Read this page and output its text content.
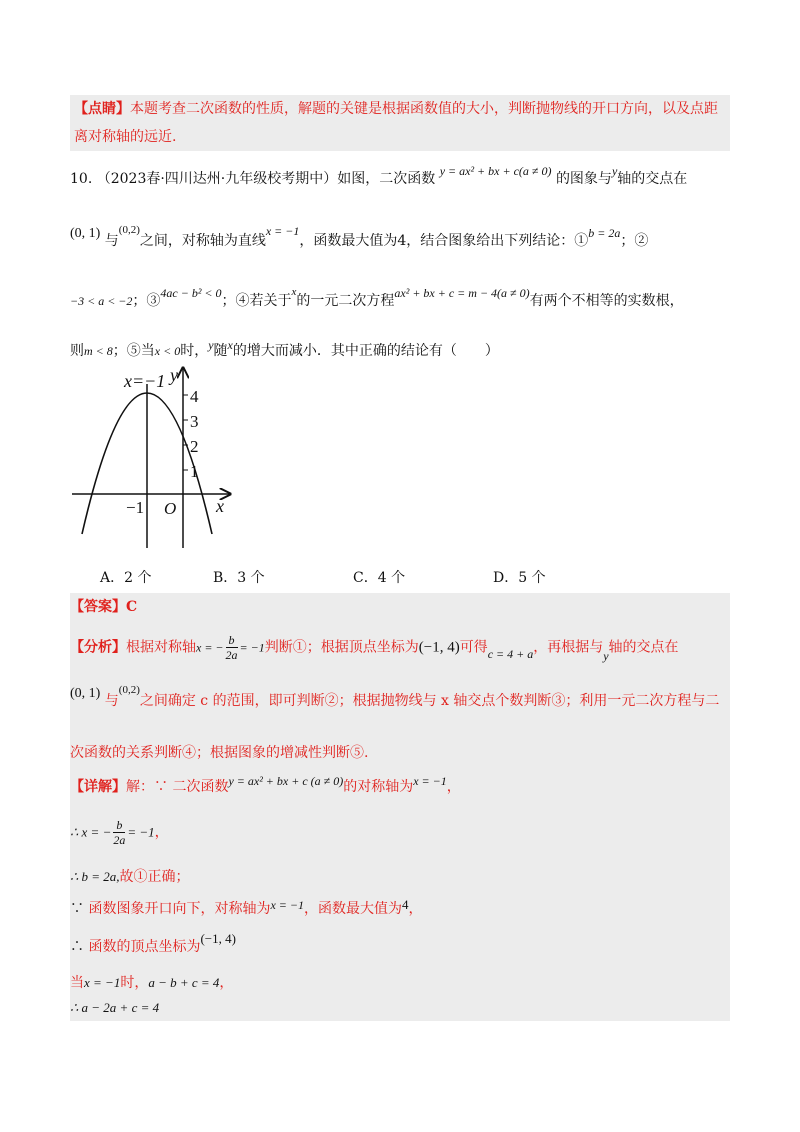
【点睛】本题考查二次函数的性质，解题的关键是根据函数值的大小，判断抛物线的开口方向，以及点距
离对称轴的远近.
10. （2023春·四川达州·九年级校考期中）如图，二次函数 y = ax² + bx + c(a ≠ 0) 的图象与y轴的交点在
(0, 1) 与$^{(0,2)}$之间，对称轴为直线x = −1，函数最大值为4，结合图象给出下列结论：①b = 2a；②
−3 < a < −2；③4ac − b² < 0；④若关于$^x$的一元二次方程ax² + bx + c = m − 4(a ≠ 0)有两个不相等的实数根，
则m < 8；⑤当x < 0时，y随x的增大而减小．其中正确的结论有（　　）
x=−1 y
x
O
4
3
2
1
−1
A．2 个	B．3 个	C．4 个	D．5 个
【答案】C
【分析】根据对称轴x = − $\frac{b}{2a} = -1$判断①；根据顶点坐标为(−1, 4)可得c = 4 + a，再根据与y轴的交点在
(0, 1) 与$^{(0,2)}$之间确定 c 的范围，即可判断②；根据抛物线与 x 轴交点个数判断③；利用一元二次方程与二
次函数的关系判断④；根据图象的增减性判断⑤.
【详解】解：∵ 二次函数y = ax² + bx + c (a ≠ 0)的对称轴为x = −1，
∴ x = − $\frac{b}{2a} = -1$，
∴ b = 2a,故①正确；
∵ 函数图象开口向下，对称轴为x = −1，函数最大值为4，
∴ 函数的顶点坐标为(−1, 4)
当x = −1时，a − b + c = 4，
∴ a − 2a + c = 4
